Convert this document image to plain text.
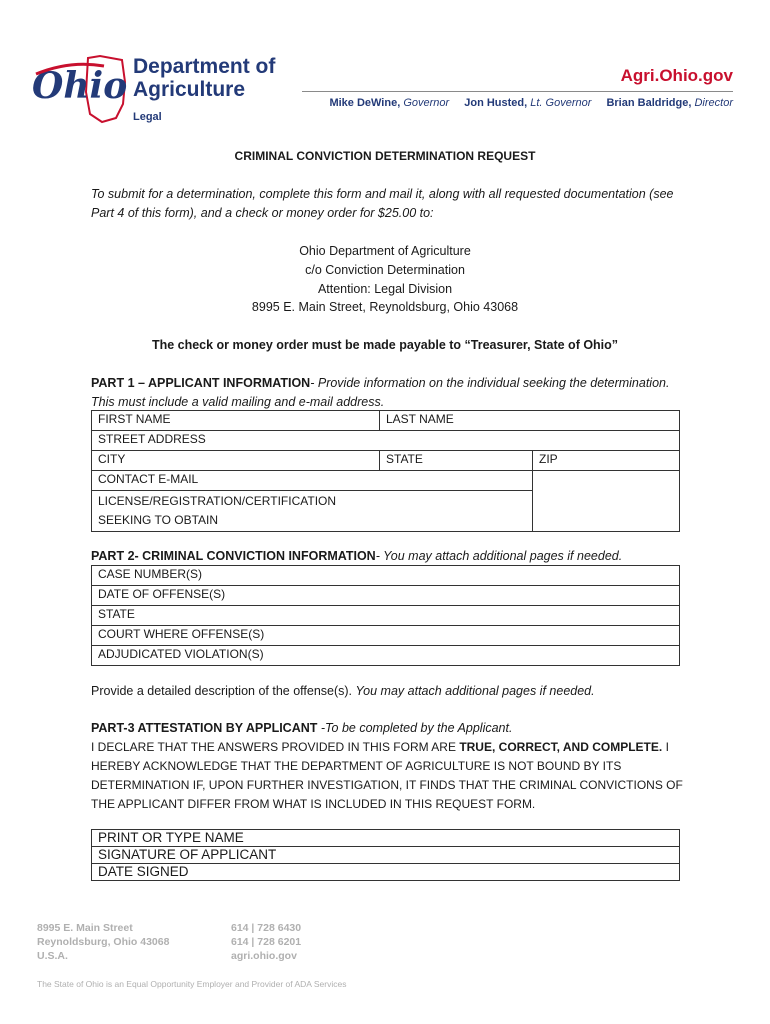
Ohio Department of
Agriculture
Legal
Agri.Ohio.gov
Mike DeWine, Governor Jon Husted, Lt. Governor Brian Baldridge, Director
CRIMINAL CONVICTION DETERMINATION REQUEST
To submit for a determination, complete this form and mail it, along with all requested documentation (see Part 4 of this form), and a check or money order for $25.00 to:
Ohio Department of Agriculture
c/o Conviction Determination
Attention: Legal Division
8995 E. Main Street, Reynoldsburg, Ohio 43068
The check or money order must be made payable to “Treasurer, State of Ohio”
PART 1 – APPLICANT INFORMATION- Provide information on the individual seeking the determination. This must include a valid mailing and e-mail address.
FIRST NAME	LAST NAME	
STREET ADDRESS		
CITY	STATE	ZIP
CONTACT E-MAIL		

LICENSE/REGISTRATION/CERTIFICATION
SEEKING TO OBTAIN		
PART 2- CRIMINAL CONVICTION INFORMATION- You may attach additional pages if needed.
CASE NUMBER(S)
DATE OF OFFENSE(S)
STATE
COURT WHERE OFFENSE(S)
ADJUDICATED VIOLATION(S)
Provide a detailed description of the offense(s). You may attach additional pages if needed.
PART-3 ATTESTATION BY APPLICANT -To be completed by the Applicant.
I DECLARE THAT THE ANSWERS PROVIDED IN THIS FORM ARE TRUE, CORRECT, AND COMPLETE. I HEREBY ACKNOWLEDGE THAT THE DEPARTMENT OF AGRICULTURE IS NOT BOUND BY ITS DETERMINATION IF, UPON FURTHER INVESTIGATION, IT FINDS THAT THE CRIMINAL CONVICTIONS OF THE APPLICANT DIFFER FROM WHAT IS INCLUDED IN THIS REQUEST FORM.
PRINT OR TYPE NAME
SIGNATURE OF APPLICANT
DATE SIGNED
8995 E. Main Street
Reynoldsburg, Ohio 43068
U.S.A.
614 | 728 6430
614 | 728 6201
agri.ohio.gov
The State of Ohio is an Equal Opportunity Employer and Provider of ADA Services
